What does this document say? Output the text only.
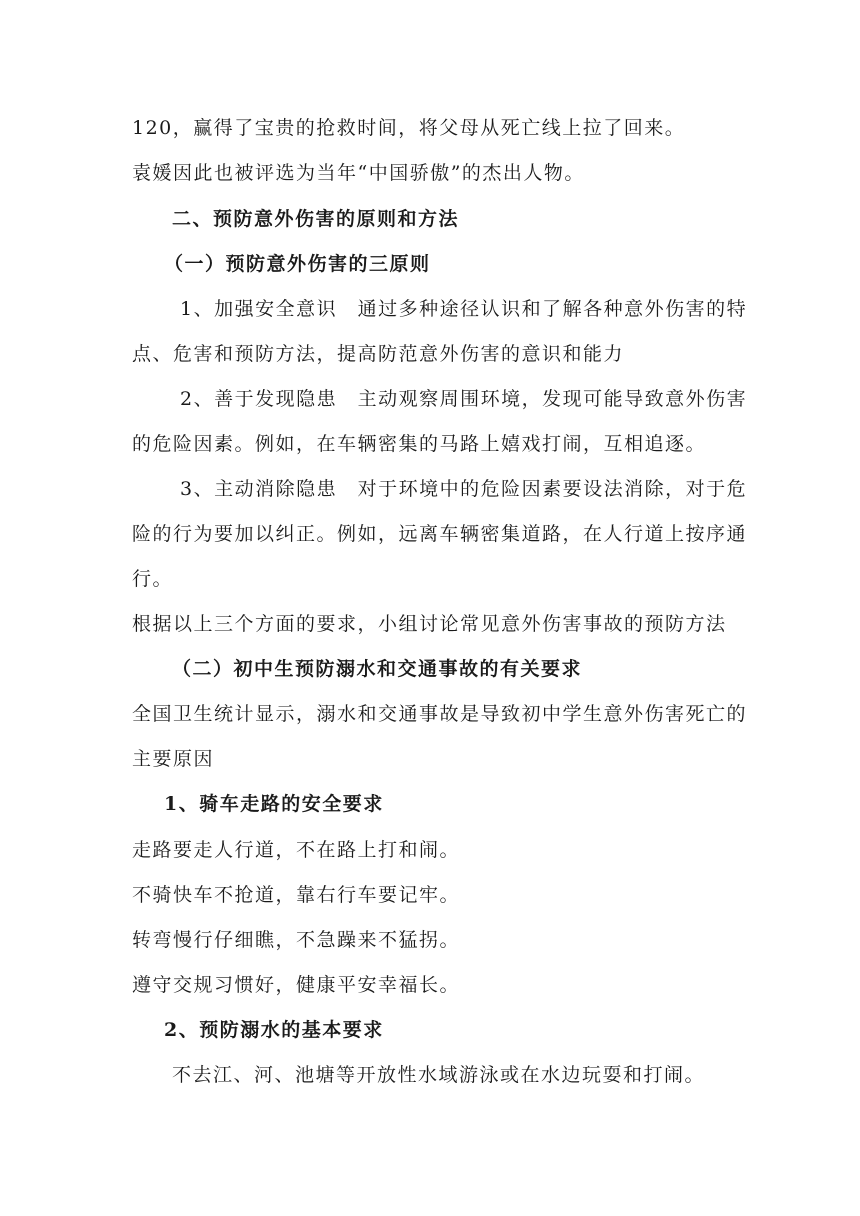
120，赢得了宝贵的抢救时间，将父母从死亡线上拉了回来。
袁媛因此也被评选为当年“中国骄傲”的杰出人物。
二、预防意外伤害的原则和方法
（一）预防意外伤害的三原则
1、加强安全意识　通过多种途径认识和了解各种意外伤害的特
点、危害和预防方法，提高防范意外伤害的意识和能力
2、善于发现隐患　主动观察周围环境，发现可能导致意外伤害
的危险因素。例如，在车辆密集的马路上嬉戏打闹，互相追逐。
3、主动消除隐患　对于环境中的危险因素要设法消除，对于危
险的行为要加以纠正。例如，远离车辆密集道路，在人行道上按序通
行。
根据以上三个方面的要求，小组讨论常见意外伤害事故的预防方法
（二）初中生预防溺水和交通事故的有关要求
全国卫生统计显示，溺水和交通事故是导致初中学生意外伤害死亡的
主要原因
1、骑车走路的安全要求
走路要走人行道，不在路上打和闹。
不骑快车不抢道，靠右行车要记牢。
转弯慢行仔细瞧，不急躁来不猛拐。
遵守交规习惯好，健康平安幸福长。
2、预防溺水的基本要求
不去江、河、池塘等开放性水域游泳或在水边玩耍和打闹。
